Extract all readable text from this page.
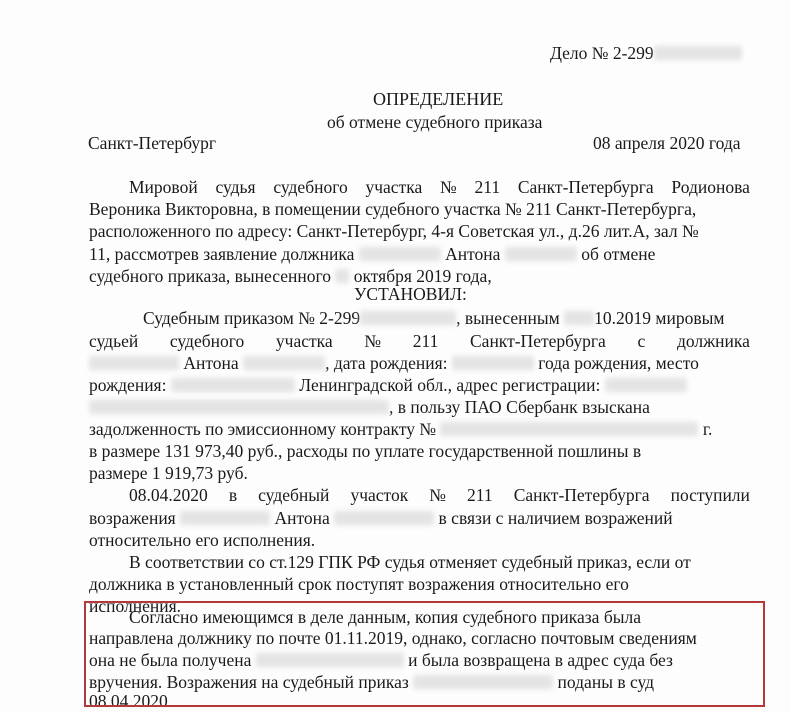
Дело № 2-299
ОПРЕДЕЛЕНИЕ
об отмене судебного приказа
Санкт-Петербург	08 апреля 2020 года
Мировой судья судебного участка № 211 Санкт-Петербурга Родионова
Вероника Викторовна, в помещении судебного участка № 211 Санкт-Петербурга,
расположенного по адресу: Санкт-Петербург, 4-я Советская ул., д.26 лит.А, зал №
11, рассмотрев заявление должника	Антона	об отмене
судебного приказа, вынесенного октября 2019 года,
УСТАНОВИЛ:
Судебным приказом № 2-299	, вынесенным 10.2019 мировым
судьей судебного участка № 211 Санкт-Петербурга с должника
Антона	, дата рождения:	года рождения, место
рождения:	Ленинградской обл., адрес регистрации:
, в пользу ПАО Сбербанк взыскана
задолженность по эмиссионному контракту №	г.
в размере 131 973,40 руб., расходы по уплате государственной пошлины в
размере 1 919,73 руб.
08.04.2020 в судебный участок № 211 Санкт-Петербурга поступили
возражения	Антона	в связи с наличием возражений
относительно его исполнения.
В соответствии со ст.129 ГПК РФ судья отменяет судебный приказ, если от
должника в установленный срок поступят возражения относительно его
исполнения.
Согласно имеющимся в деле данным, копия судебного приказа была
направлена должнику по почте 01.11.2019, однако, согласно почтовым сведениям
она не была получена	и была возвращена в адрес суда без
вручения. Возражения на судебный приказ	поданы в суд
08.04.2020.
